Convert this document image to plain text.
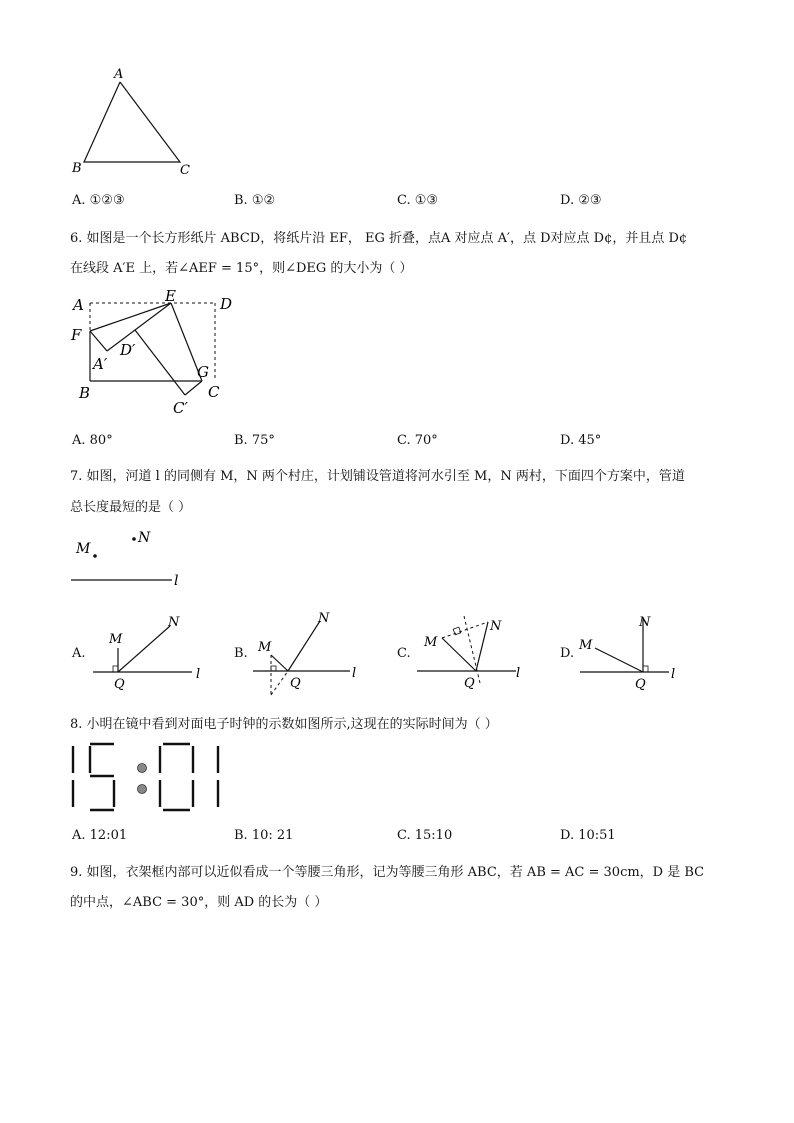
A
B	C
A. ①②③	B. ①②	C. ①③	D. ②③
6. 如图是一个长方形纸片 ABCD，将纸片沿 EF， EG 折叠，点A 对应点 A′，点 D对应点 D¢，并且点 D¢
在线段 A′E 上，若∠AEF = 15°，则∠DEG 的大小为（ ）
A	E	D
F
D′
A′	G
B	C
C′
A. 80°	B. 75°	C. 70°	D. 45°
7. 如图，河道 l 的同侧有 M，N 两个村庄，计划铺设管道将河水引至 M，N 两村，下面四个方案中，管道
总长度最短的是（ ）
M
N
l
A.
M
N
Q
l
B. M
N
Q
l
C.
M
N
Q
l
D.
M
N
Q
l
8. 小明在镜中看到对面电子时钟的示数如图所示,这现在的实际时间为（ ）
A. 12:01	B. 10: 21	C. 15:10	D. 10:51
9. 如图，衣架框内部可以近似看成一个等腰三角形，记为等腰三角形 ABC，若 AB = AC = 30cm，D 是 BC
的中点，∠ABC = 30°，则 AD 的长为（ ）
